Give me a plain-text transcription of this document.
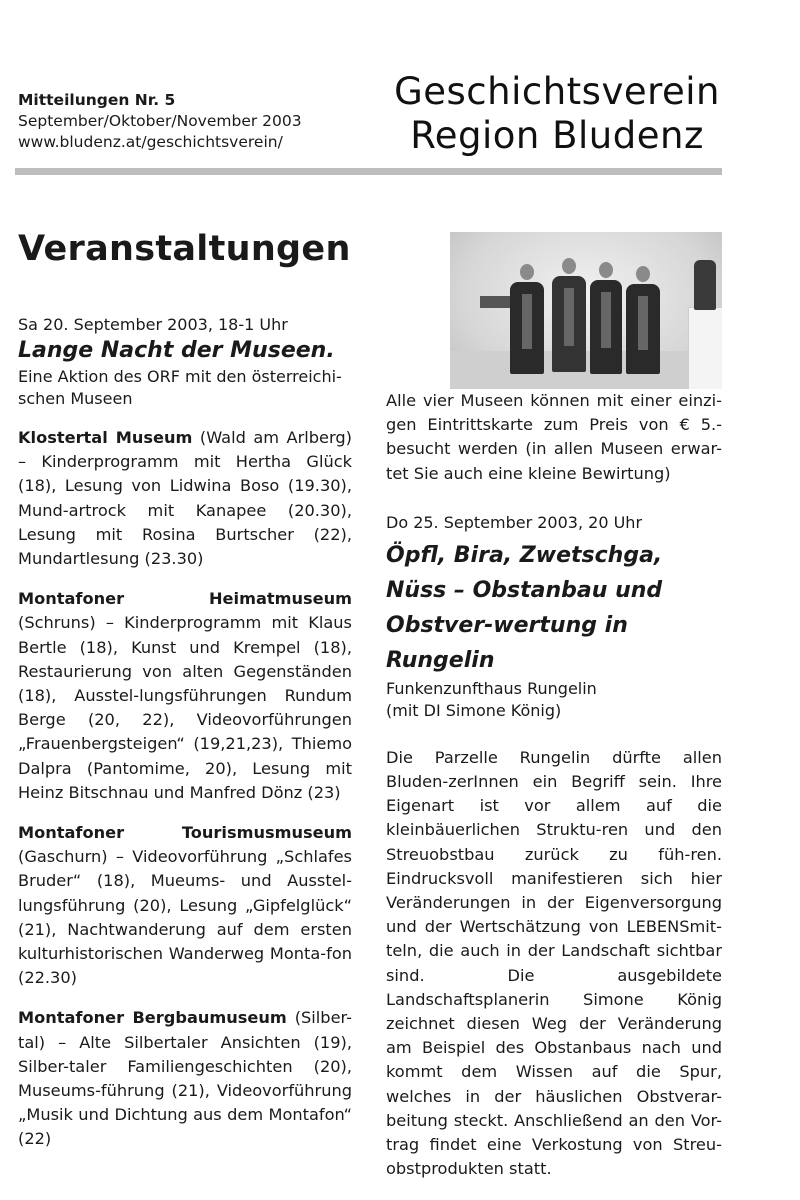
Mitteilungen Nr. 5
September/Oktober/November 2003
www.bludenz.at/geschichtsverein/
Geschichtsverein
Region Bludenz
Veranstaltungen
Sa 20. September 2003, 18-1 Uhr
Lange Nacht der Museen.
Eine Aktion des ORF mit den österreichi-schen Museen

Klostertal Museum (Wald am Arlberg) – Kinderprogramm mit Hertha Glück (18), Lesung von Lidwina Boso (19.30), Mund-artrock mit Kanapee (20.30), Lesung mit Rosina Burtscher (22), Mundartlesung (23.30)

Montafoner Heimatmuseum (Schruns) – Kinderprogramm mit Klaus Bertle (18), Kunst und Krempel (18), Restaurierung von alten Gegenständen (18), Ausstel-lungsführungen Rundum Berge (20, 22), Videovorführungen „Frauenbergsteigen“ (19,21,23), Thiemo Dalpra (Pantomime, 20), Lesung mit Heinz Bitschnau und Manfred Dönz (23)

Montafoner Tourismusmuseum (Gaschurn) – Videovorführung „Schlafes Bruder“ (18), Mueums- und Ausstel-lungsführung (20), Lesung „Gipfelglück“ (21), Nachtwanderung auf dem ersten kulturhistorischen Wanderweg Monta-fon (22.30)

Montafoner Bergbaumuseum (Silber-tal) – Alte Silbertaler Ansichten (19), Silber-taler Familiengeschichten (20), Museums-führung (21), Videovorführung „Musik und Dichtung aus dem Montafon“ (22)

Alle vier Museen können mit einer einzi-gen Eintrittskarte zum Preis von € 5.- besucht werden (in allen Museen erwar-tet Sie auch eine kleine Bewirtung)

Do 25. September 2003, 20 Uhr
Öpfl, Bira, Zwetschga, Nüss – Obstanbau und Obstver-wertung in Rungelin
Funkenzunfthaus Rungelin
(mit DI Simone König)

Die Parzelle Rungelin dürfte allen Bluden-zerInnen ein Begriff sein. Ihre Eigenart ist vor allem auf die kleinbäuerlichen Struktu-ren und den Streuobstbau zurück zu füh-ren. Eindrucksvoll manifestieren sich hier Veränderungen in der Eigenversorgung und der Wertschätzung von LEBENSmit-teln, die auch in der Landschaft sichtbar sind. Die ausgebildete Landschaftsplanerin Simone König zeichnet diesen Weg der Veränderung am Beispiel des Obstanbaus nach und kommt dem Wissen auf die Spur, welches in der häuslichen Obstverar-beitung steckt. Anschließend an den Vor-trag findet eine Verkostung von Streu-obstprodukten statt.
